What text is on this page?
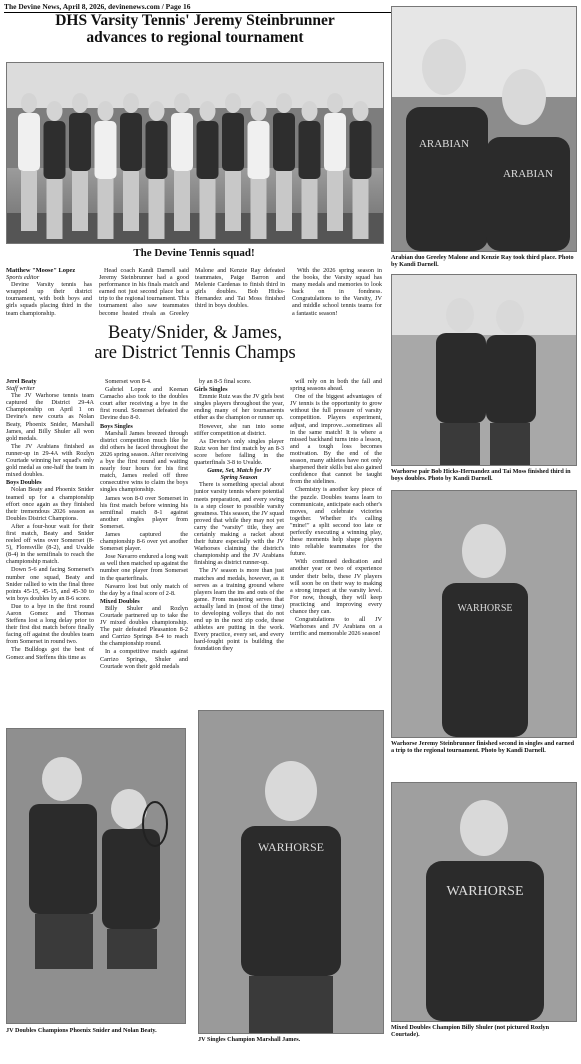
The Devine News, April 8, 2026, devinenews.com / Page 16
DHS Varsity Tennis' Jeremy Steinbrunner
advances to regional tournament
The Devine Tennis squad!
Matthew "Moose" Lopez
Sports editor

Devine Varsity tennis has wrapped up their district tournament, with both boys and girls squads placing third in the team championship.

Head coach Kandi Darnell said Jeremy Steinbrunner had a good performance in his finals match and earned not just second place but a trip to the regional tournament. This tournament also saw teammates become heated rivals as Greeley Malone and Kenzie Ray defeated teammates, Paige Barron and Melenie Cardenas to finish third in girls doubles. Bob Hicks-Hernandez and Tai Moss finished third in boys doubles.

With the 2026 spring season in the books, the Varsity squad has many medals and memories to look back on in fondness. Congratulations to the Varsity, JV and middle school tennis teams for a fantastic season!

Beaty/Snider, & James,
are District Tennis Champs
Jerel Beaty
Staff writer

The JV Warhorse tennis team captured the District 29-4A Championship on April 1 on Devine's new courts as Nolan Beaty, Phoenix Snider, Marshall James, and Billy Shuler all won gold medals.

The JV Arabians finished as runner-up in 29-4A with Rozlyn Courtade winning her squad's only gold medal as one-half the team in mixed doubles.

Boys Doubles

Nolan Beaty and Phoenix Snider teamed up for a championship effort once again as they finished their tremendous 2026 season as Doubles District Champions.

After a four-hour wait for their first match, Beaty and Snider reeled off wins over Somerset (8-5), Floresville (8-2), and Uvalde (8-4) in the semifinals to reach the championship match.

Down 5-6 and facing Somerset's number one squad, Beaty and Snider rallied to win the final three points 45-15, 45-15, and 45-30 to win boys doubles by an 8-6 score.

Due to a bye in the first round Aaron Gomez and Thomas Steffens lost a long delay prior to their first dist match before finally facing off against the doubles team from Somerset in round two.

The Bulldogs got the best of Gomez and Steffens this time as

Somerset won 8-4.

Gabriel Lopez and Keenan Camacho also took to the doubles court after receiving a bye in the first round. Somerset defeated the Devine duo 8-0.

Boys Singles

Marshall James breezed through district competition much like he did others he faced throughout the 2026 spring season. After receiving a bye the first round and waiting nearly four hours for his first match, James reeled off three consecutive wins to claim the boys singles championship.

James won 8-0 over Somerset in his first match before winning his semifinal match 8-1 against another singles player from Somerset.

James captured the championship 8-6 over yet another Somerset player.

Jose Navarro endured a long wait as well then matched up against the number one player from Somerset in the quarterfinals.

Navarro lost but only match of the day by a final score of 2-8.

Mixed Doubles

Billy Shuler and Rozlyn Courtade partnered up to take the JV mixed doubles championship. The pair defeated Pleasanton 8-2 and Carrizo Springs 8-4 to reach the championship round.

In a competitive match against Carrizo Springs, Shuler and Courtade won their gold medals

by an 8-5 final score.

Girls Singles

Emmie Ruiz was the JV girls best singles players throughout the year, ending many of her tournaments either as the champion or runner up.

However, she ran into some stiffer competition at district.

As Devine's only singles player Ruiz won her first match by an 8-3 score before falling in the quarterfinals 3-8 to Uvalde.

Game, Set, Match for JV
Spring Season

There is something special about junior varsity tennis where potential meets preparation, and every swing is a step closer to possible varsity greatness. This season, the JV squad proved that while they may not yet carry the "varsity" title, they are certainly making a racket about their future especially with the JV Warhorses claiming the district's championship and the JV Arabians finishing as district runner-up.

The JV season is more than just matches and medals, however, as it serves as a training ground where players learn the ins and outs of the game. From mastering serves that actually land in (most of the time) to developing volleys that do not end up in the next zip code, these athletes are putting in the work. Every practice, every set, and every hard-fought point is building the foundation they

will rely on in both the fall and spring seasons ahead.

One of the biggest advantages of JV tennis is the opportunity to grow without the full pressure of varsity competition. Players experiment, adjust, and improve...sometimes all in the same match! It is where a missed backhand turns into a lesson, and a tough loss becomes motivation. By the end of the season, many athletes have not only sharpened their skills but also gained confidence that cannot be taught from the sidelines.

Chemistry is another key piece of the puzzle. Doubles teams learn to communicate, anticipate each other's moves, and celebrate victories together. Whether it's calling "mine!" a split second too late or perfectly executing a winning play, these moments help shape players into reliable teammates for the future.

With continued dedication and another year or two of experience under their belts, these JV players will soon be on their way to making a strong impact at the varsity level. For now, though, they will keep practicing and improving every chance they can.

Congratulations to all JV Warhorses and JV Arabians on a terrific and memorable 2026 season!

JV Doubles Champions Phoenix Snider and Nolan Beaty.
WARHORSE
JV Singles Champion Marshall James.
ARABIAN
ARABIAN
Arabian duo Greeley Malone and Kenzie Ray took third place. Photo by Kandi Darnell.
Warhorse pair Bob Hicks-Hernandez and Tai Moss finished third in boys doubles. Photo by Kandi Darnell.
WARHORSE
Warhorse Jeremy Steinbrunner finished second in singles and earned a trip to the regional tournament. Photo by Kandi Darnell.
WARHORSE
Mixed Doubles Champion Billy Shuler (not pictured Rozlyn Courtade).
